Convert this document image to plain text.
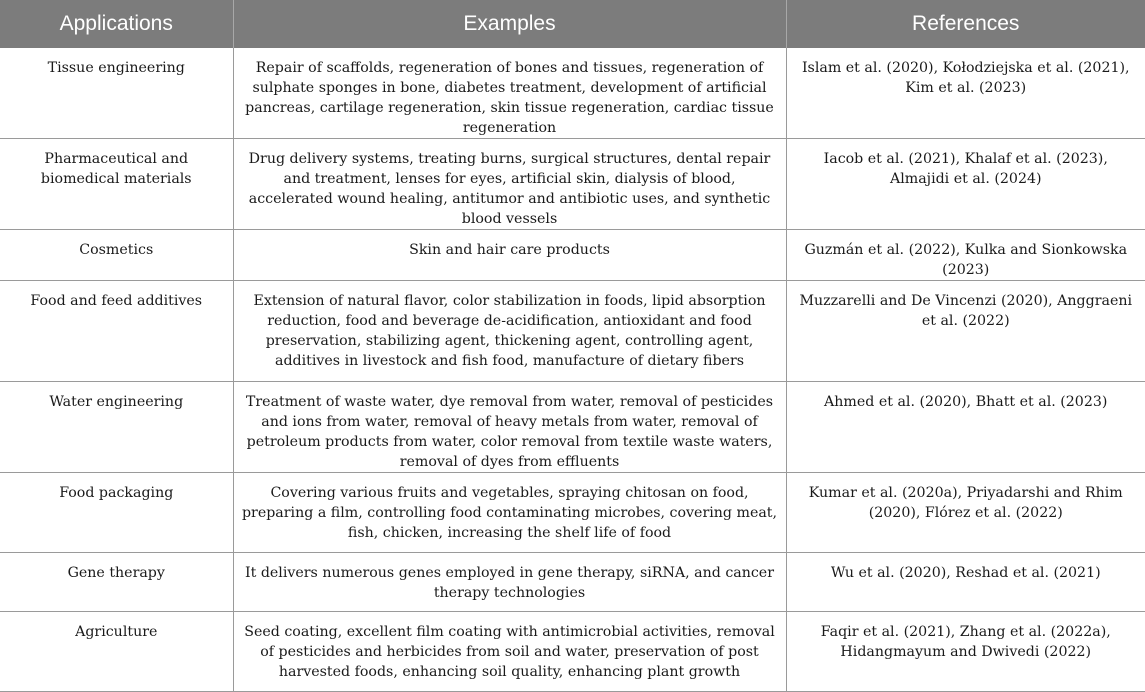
Applications	Examples	References
Tissue engineering	Repair of scaffolds, regeneration of bones and tissues, regeneration of sulphate sponges in bone, diabetes treatment, development of artificial pancreas, cartilage regeneration, skin tissue regeneration, cardiac tissue regeneration	Islam et al. (2020), Kołodziejska et al. (2021), Kim et al. (2023)
Pharmaceutical and biomedical materials	Drug delivery systems, treating burns, surgical structures, dental repair and treatment, lenses for eyes, artificial skin, dialysis of blood, accelerated wound healing, antitumor and antibiotic uses, and synthetic blood vessels	Iacob et al. (2021), Khalaf et al. (2023), Almajidi et al. (2024)
Cosmetics	Skin and hair care products	Guzmán et al. (2022), Kulka and Sionkowska (2023)
Food and feed additives	Extension of natural flavor, color stabilization in foods, lipid absorption reduction, food and beverage de-acidification, antioxidant and food preservation, stabilizing agent, thickening agent, controlling agent, additives in livestock and fish food, manufacture of dietary fibers	Muzzarelli and De Vincenzi (2020), Anggraeni et al. (2022)
Water engineering	Treatment of waste water, dye removal from water, removal of pesticides and ions from water, removal of heavy metals from water, removal of petroleum products from water, color removal from textile waste waters, removal of dyes from effluents	Ahmed et al. (2020), Bhatt et al. (2023)
Food packaging	Covering various fruits and vegetables, spraying chitosan on food, preparing a film, controlling food contaminating microbes, covering meat, fish, chicken, increasing the shelf life of food	Kumar et al. (2020a), Priyadarshi and Rhim (2020), Flórez et al. (2022)
Gene therapy	It delivers numerous genes employed in gene therapy, siRNA, and cancer therapy technologies	Wu et al. (2020), Reshad et al. (2021)
Agriculture	Seed coating, excellent film coating with antimicrobial activities, removal of pesticides and herbicides from soil and water, preservation of post harvested foods, enhancing soil quality, enhancing plant growth	Faqir et al. (2021), Zhang et al. (2022a), Hidangmayum and Dwivedi (2022)
